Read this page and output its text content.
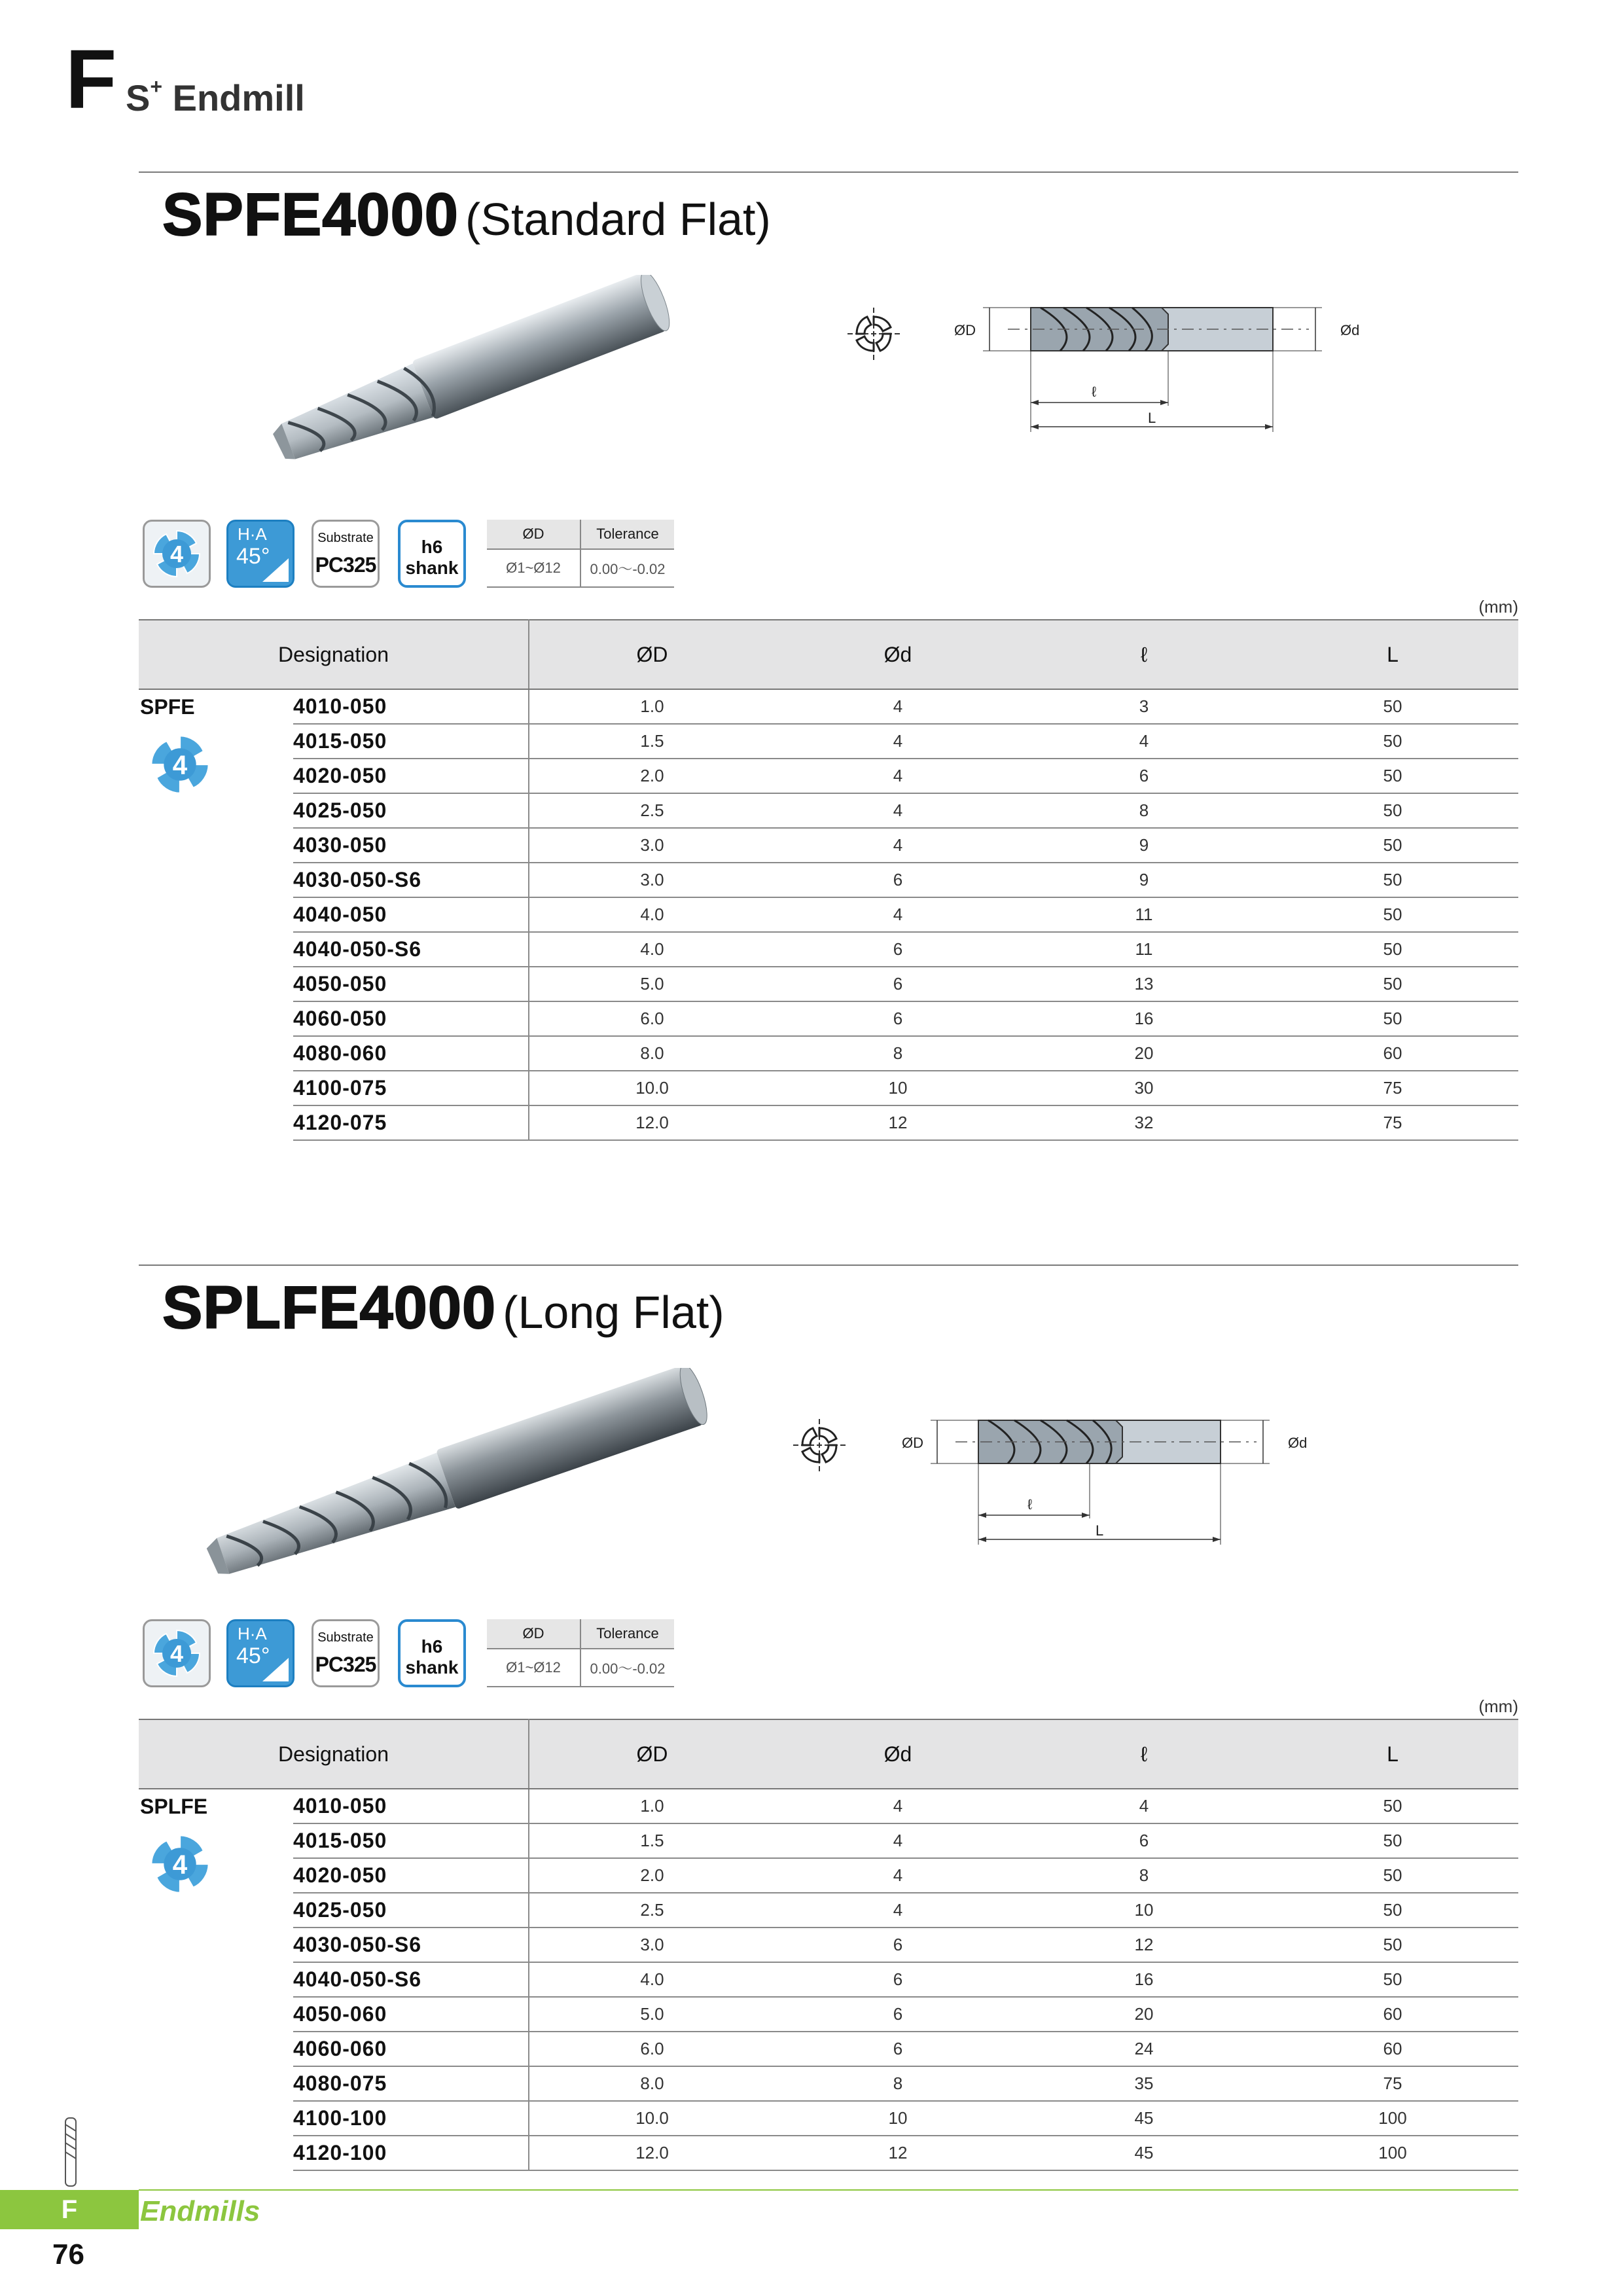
F S+ Endmill
SPFE4000 (Standard Flat)
ØD	Ød
ℓ
L
4
H·A
45°
Substrate
PC325
h6
shank
ØD	Tolerance
Ø1~Ø12	0.00～-0.02
(mm)
Designation		ØD	Ød	ℓ	L
SPFE
4	4010-050	1.0	4	3	50
	4015-050	1.5	4	4	50
	4020-050	2.0	4	6	50
	4025-050	2.5	4	8	50
	4030-050	3.0	4	9	50
	4030-050-S6	3.0	6	9	50
	4040-050	4.0	4	11	50
	4040-050-S6	4.0	6	11	50
	4050-050	5.0	6	13	50
	4060-050	6.0	6	16	50
	4080-060	8.0	8	20	60
	4100-075	10.0	10	30	75
	4120-075	12.0	12	32	75
SPLFE4000 (Long Flat)
ØD	Ød
ℓ
L
4
H·A
45°
Substrate
PC325
h6
shank
ØD	Tolerance
Ø1~Ø12	0.00～-0.02
(mm)
Designation		ØD	Ød	ℓ	L
SPLFE
4	4010-050	1.0	4	4	50
	4015-050	1.5	4	6	50
	4020-050	2.0	4	8	50
	4025-050	2.5	4	10	50
	4030-050-S6	3.0	6	12	50
	4040-050-S6	4.0	6	16	50
	4050-060	5.0	6	20	60
	4060-060	6.0	6	24	60
	4080-075	8.0	8	35	75
	4100-100	10.0	10	45	100
	4120-100	12.0	12	45	100
F	Endmills
76
